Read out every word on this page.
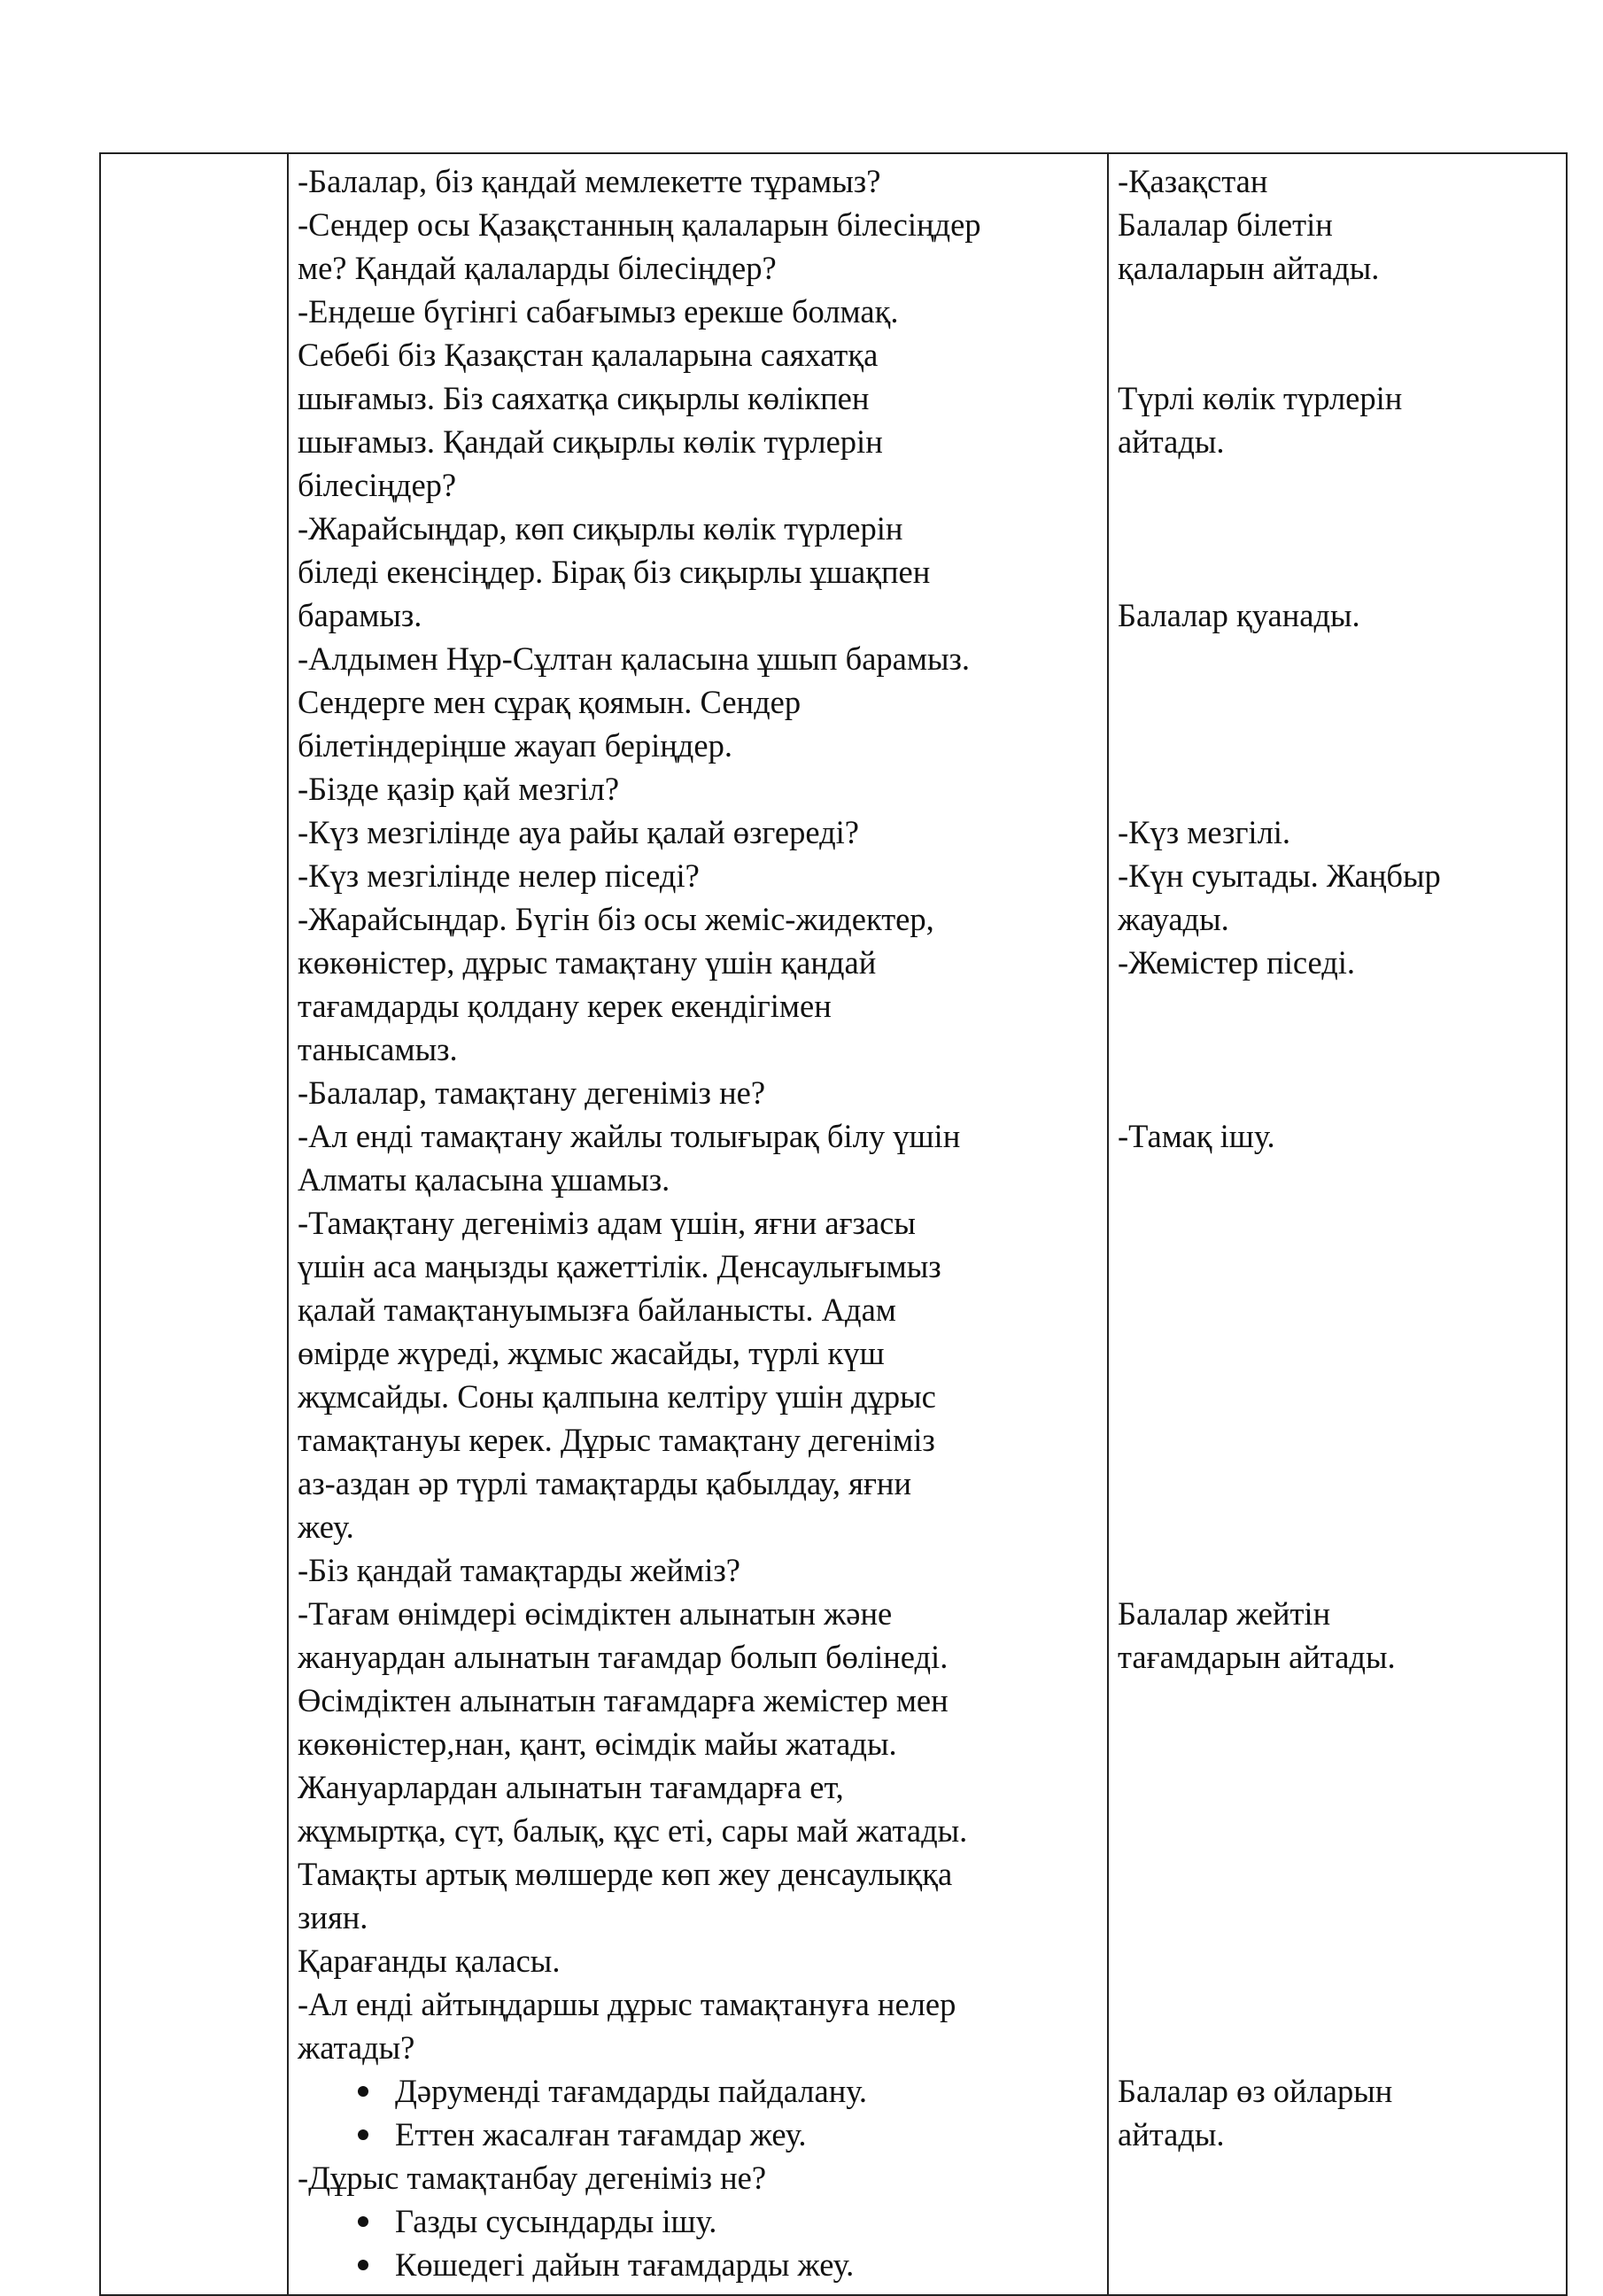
-Балалар, біз қандай мемлекетте тұрамыз?
-Сендер осы Қазақстанның қалаларын білесіңдер
ме? Қандай қалаларды білесіңдер?
-Ендеше бүгінгі сабағымыз ерекше болмақ.
Себебі біз Қазақстан қалаларына саяхатқа
шығамыз. Біз саяхатқа сиқырлы көлікпен
шығамыз. Қандай сиқырлы көлік түрлерін
білесіңдер?
-Жарайсыңдар, көп сиқырлы көлік түрлерін
біледі екенсіңдер. Бірақ біз сиқырлы ұшақпен
барамыз.
-Алдымен Нұр-Сұлтан қаласына ұшып барамыз.
Сендерге мен сұрақ қоямын. Сендер
білетіндеріңше жауап беріңдер.
-Бізде қазір қай мезгіл?
-Күз мезгілінде ауа райы қалай өзгереді?
-Күз мезгілінде нелер піседі?
-Жарайсыңдар. Бүгін біз осы жеміс-жидектер,
көкөністер, дұрыс тамақтану үшін қандай
тағамдарды қолдану керек екендігімен
танысамыз.
-Балалар, тамақтану дегеніміз не?
-Ал енді тамақтану жайлы толығырақ білу үшін
Алматы қаласына ұшамыз.
-Тамақтану дегеніміз адам үшін, яғни ағзасы
үшін аса маңызды қажеттілік. Денсаулығымыз
қалай тамақтануымызға байланысты. Адам
өмірде жүреді, жұмыс жасайды, түрлі күш
жұмсайды. Соны қалпына келтіру үшін дұрыс
тамақтануы керек. Дұрыс тамақтану дегеніміз
аз-аздан әр түрлі тамақтарды қабылдау, яғни
жеу.
-Біз қандай тамақтарды жейміз?
-Тағам өнімдері өсімдіктен алынатын және
жануардан алынатын тағамдар болып бөлінеді.
Өсімдіктен алынатын тағамдарға жемістер мен
көкөністер,нан, қант, өсімдік майы жатады.
Жануарлардан алынатын тағамдарға ет,
жұмыртқа, сүт, балық, құс еті, сары май жатады.
Тамақты артық мөлшерде көп жеу денсаулыққа
зиян.
Қарағанды қаласы.
-Ал енді айтыңдаршы дұрыс тамақтануға нелер
жатады?
Дәруменді тағамдарды пайдалану.
Еттен жасалған тағамдар жеу.
-Дұрыс тамақтанбау дегеніміз не?
Газды сусындарды ішу.
Көшедегі дайын тағамдарды жеу.
-Қазақстан
Балалар білетін
қалаларын айтады.
Түрлі көлік түрлерін
айтады.
Балалар қуанады.
-Күз мезгілі.
-Күн суытады. Жаңбыр
жауады.
-Жемістер піседі.
-Тамақ ішу.
Балалар жейтін
тағамдарын айтады.
Балалар өз ойларын
айтады.
